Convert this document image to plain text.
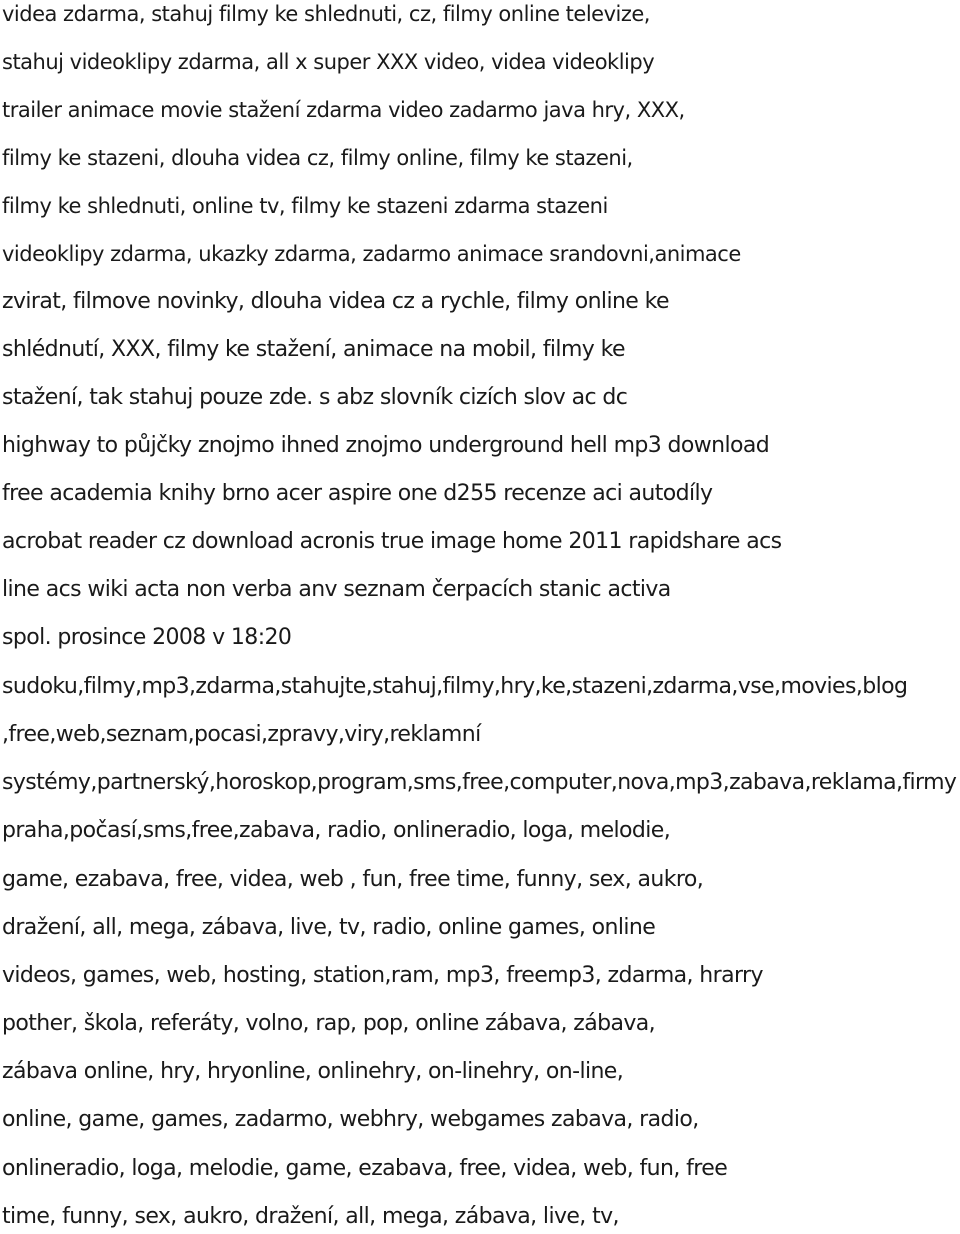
videa zdarma, stahuj filmy ke shlednuti, cz, filmy online televize,
stahuj videoklipy zdarma, all x super XXX video, videa videoklipy
trailer animace movie stažení zdarma video zadarmo java hry, XXX,
filmy ke stazeni, dlouha videa cz, filmy online, filmy ke stazeni,
filmy ke shlednuti, online tv, filmy ke stazeni zdarma stazeni
videoklipy zdarma, ukazky zdarma, zadarmo animace srandovni,animace
zvirat, filmove novinky, dlouha videa cz a rychle, filmy online ke
shlédnutí, XXX, filmy ke stažení, animace na mobil, filmy ke
stažení, tak stahuj pouze zde. s abz slovník cizích slov ac dc
highway to půjčky znojmo ihned znojmo underground hell mp3 download
free academia knihy brno acer aspire one d255 recenze aci autodíly
acrobat reader cz download acronis true image home 2011 rapidshare acs
line acs wiki acta non verba anv seznam čerpacích stanic activa
spol. prosince 2008 v 18:20
sudoku,filmy,mp3,zdarma,stahujte,stahuj,filmy,hry,ke,stazeni,zdarma,vse,movies,blog
,free,web,seznam,pocasi,zpravy,viry,reklamní
systémy,partnerský,horoskop,program,sms,free,computer,nova,mp3,zabava,reklama,firmy
praha,počasí,sms,free,zabava, radio, onlineradio, loga, melodie,
game, ezabava, free, videa, web , fun, free time, funny, sex, aukro,
dražení, all, mega, zábava, live, tv, radio, online games, online
videos, games, web, hosting, station,ram, mp3, freemp3, zdarma, hrarry
pother, škola, referáty, volno, rap, pop, online zábava, zábava,
zábava online, hry, hryonline, onlinehry, on-linehry, on-line,
online, game, games, zadarmo, webhry, webgames zabava, radio,
onlineradio, loga, melodie, game, ezabava, free, videa, web, fun, free
time, funny, sex, aukro, dražení, all, mega, zábava, live, tv,
